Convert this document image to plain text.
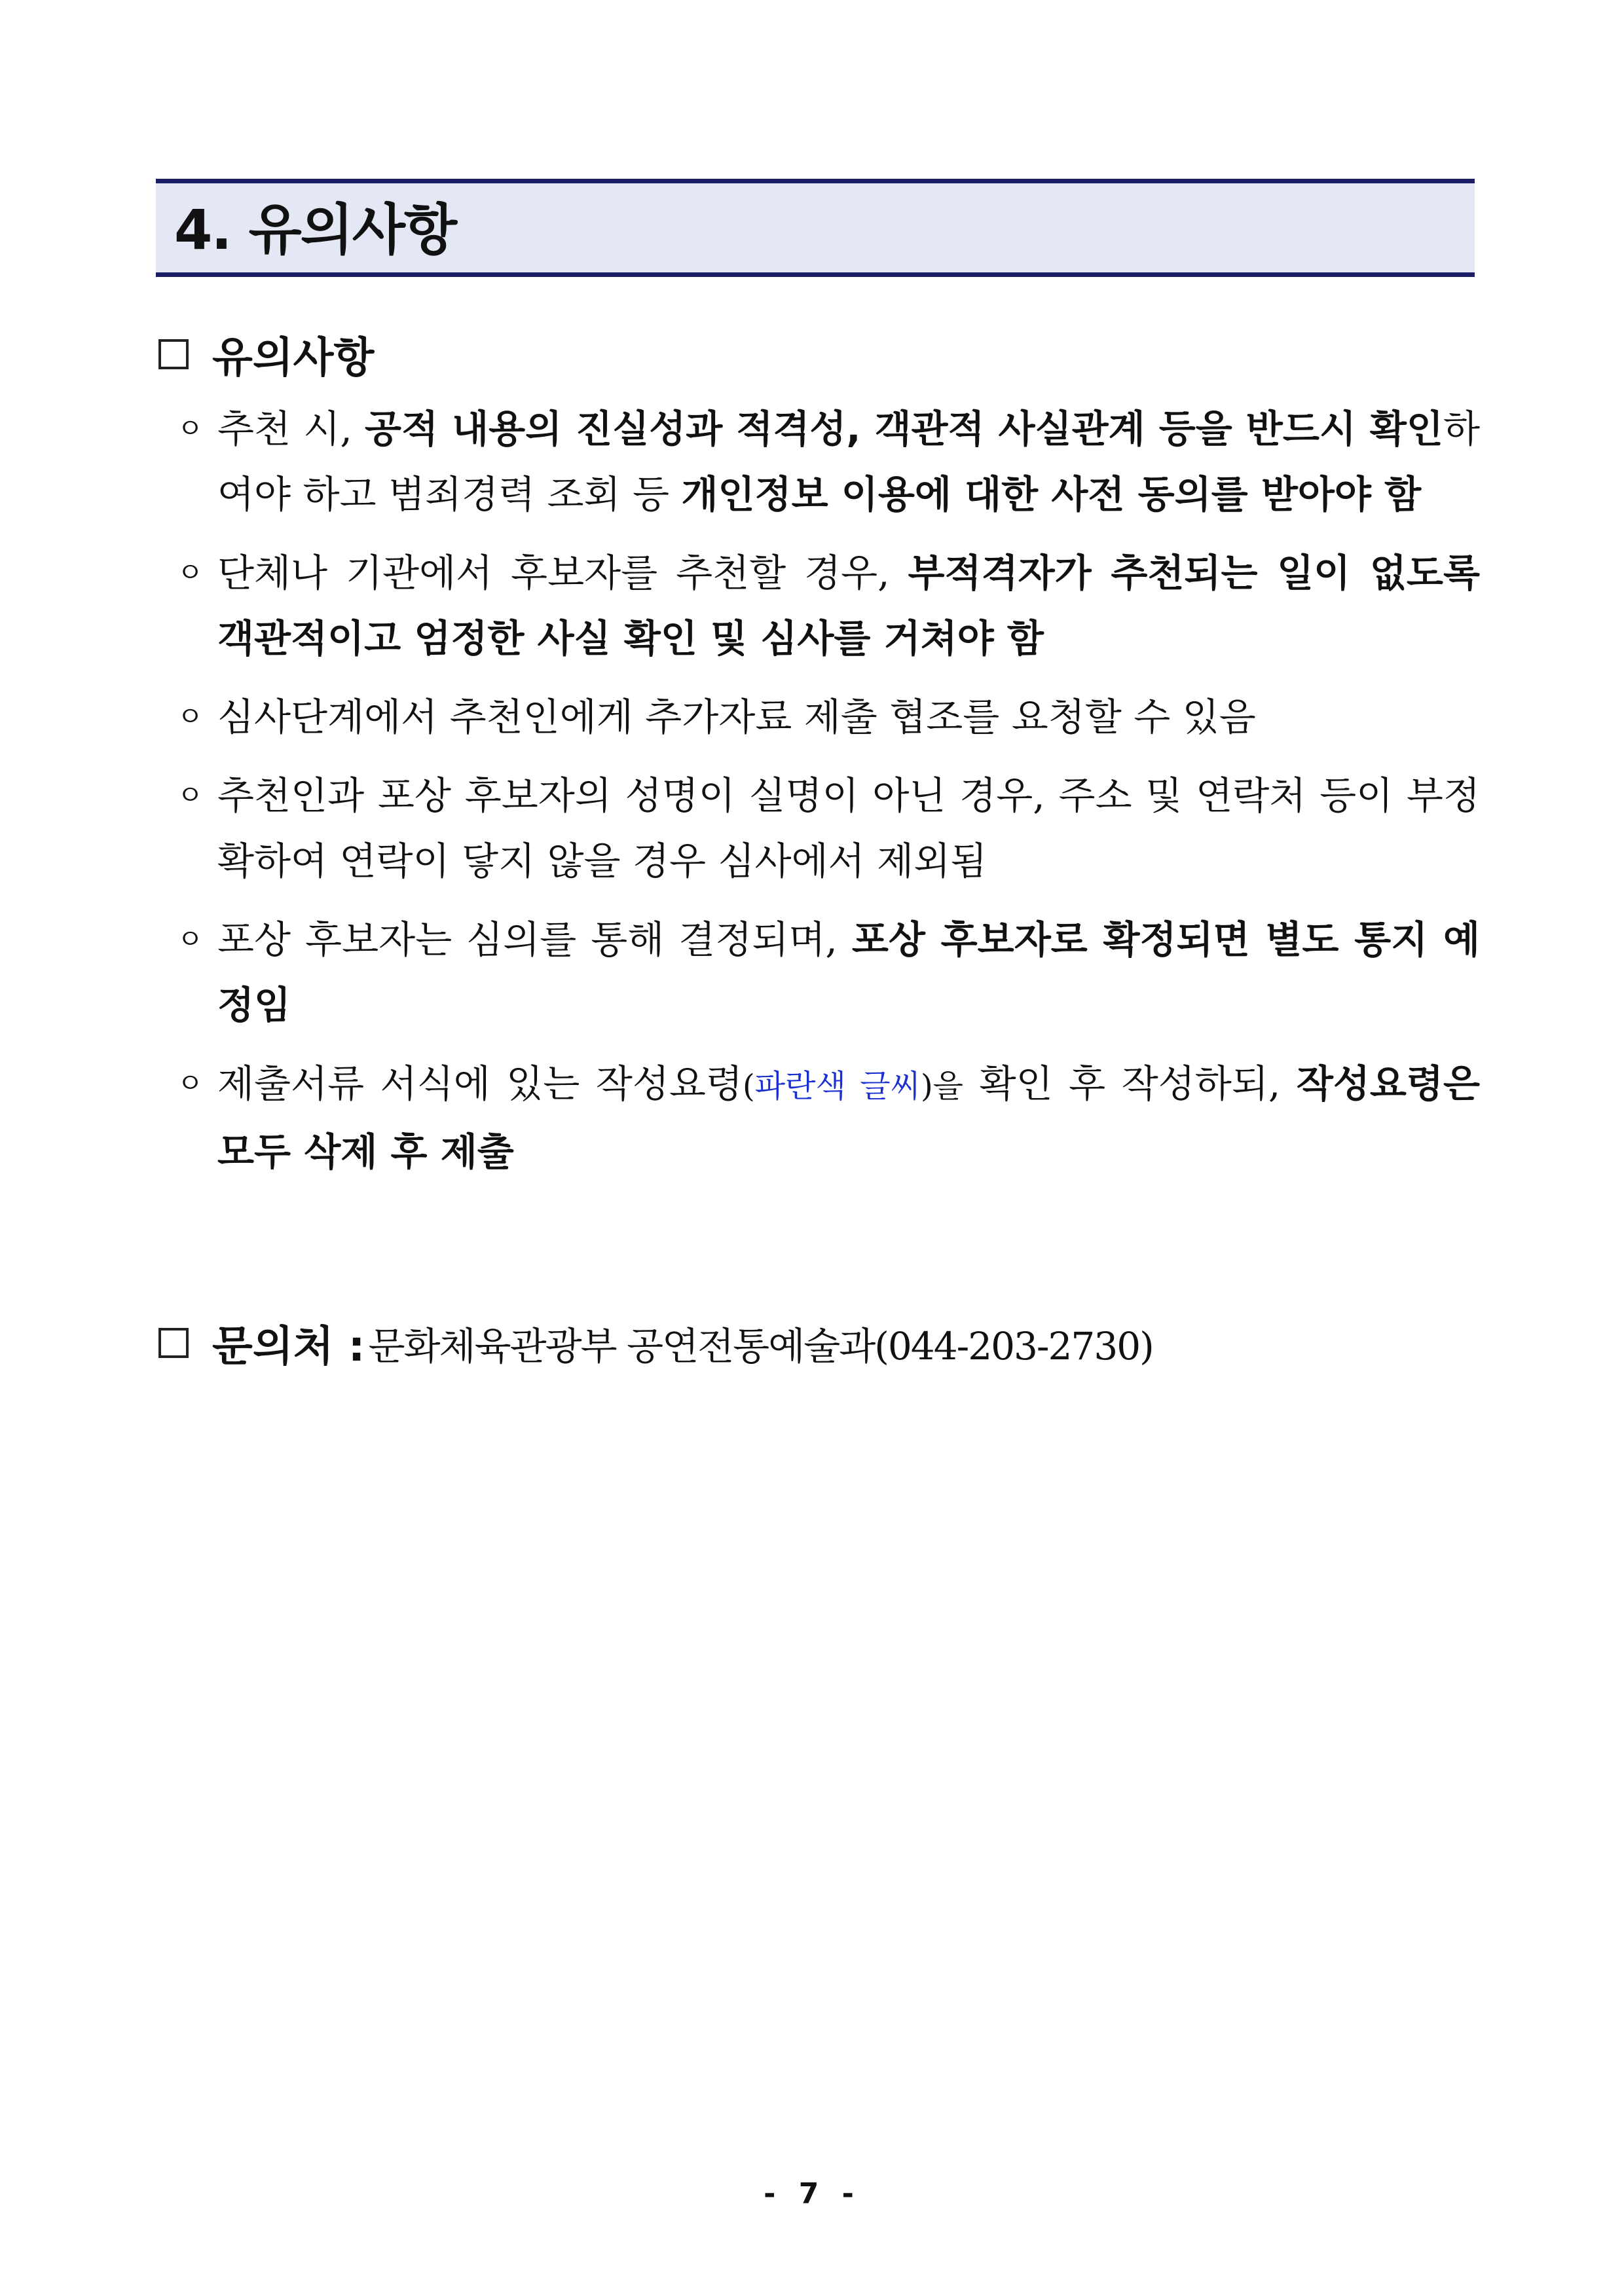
4. 유의사항
유의사항
ㅇ 추천 시, 공적 내용의 진실성과 적격성, 객관적 사실관계 등을 반드시 확인하여야 하고 범죄경력 조회 등 개인정보 이용에 대한 사전 동의를 받아야 함
ㅇ 단체나 기관에서 후보자를 추천할 경우, 부적격자가 추천되는 일이 없도록 객관적이고 엄정한 사실 확인 및 심사를 거쳐야 함
ㅇ 심사단계에서 추천인에게 추가자료 제출 협조를 요청할 수 있음
ㅇ 추천인과 포상 후보자의 성명이 실명이 아닌 경우, 주소 및 연락처 등이 부정확하여 연락이 닿지 않을 경우 심사에서 제외됨
ㅇ 포상 후보자는 심의를 통해 결정되며, 포상 후보자로 확정되면 별도 통지 예정임
ㅇ 제출서류 서식에 있는 작성요령(파란색 글씨)을 확인 후 작성하되, 작성요령은 모두 삭제 후 제출
문의처 : 문화체육관광부 공연전통예술과(044-203-2730)
- 7 -
